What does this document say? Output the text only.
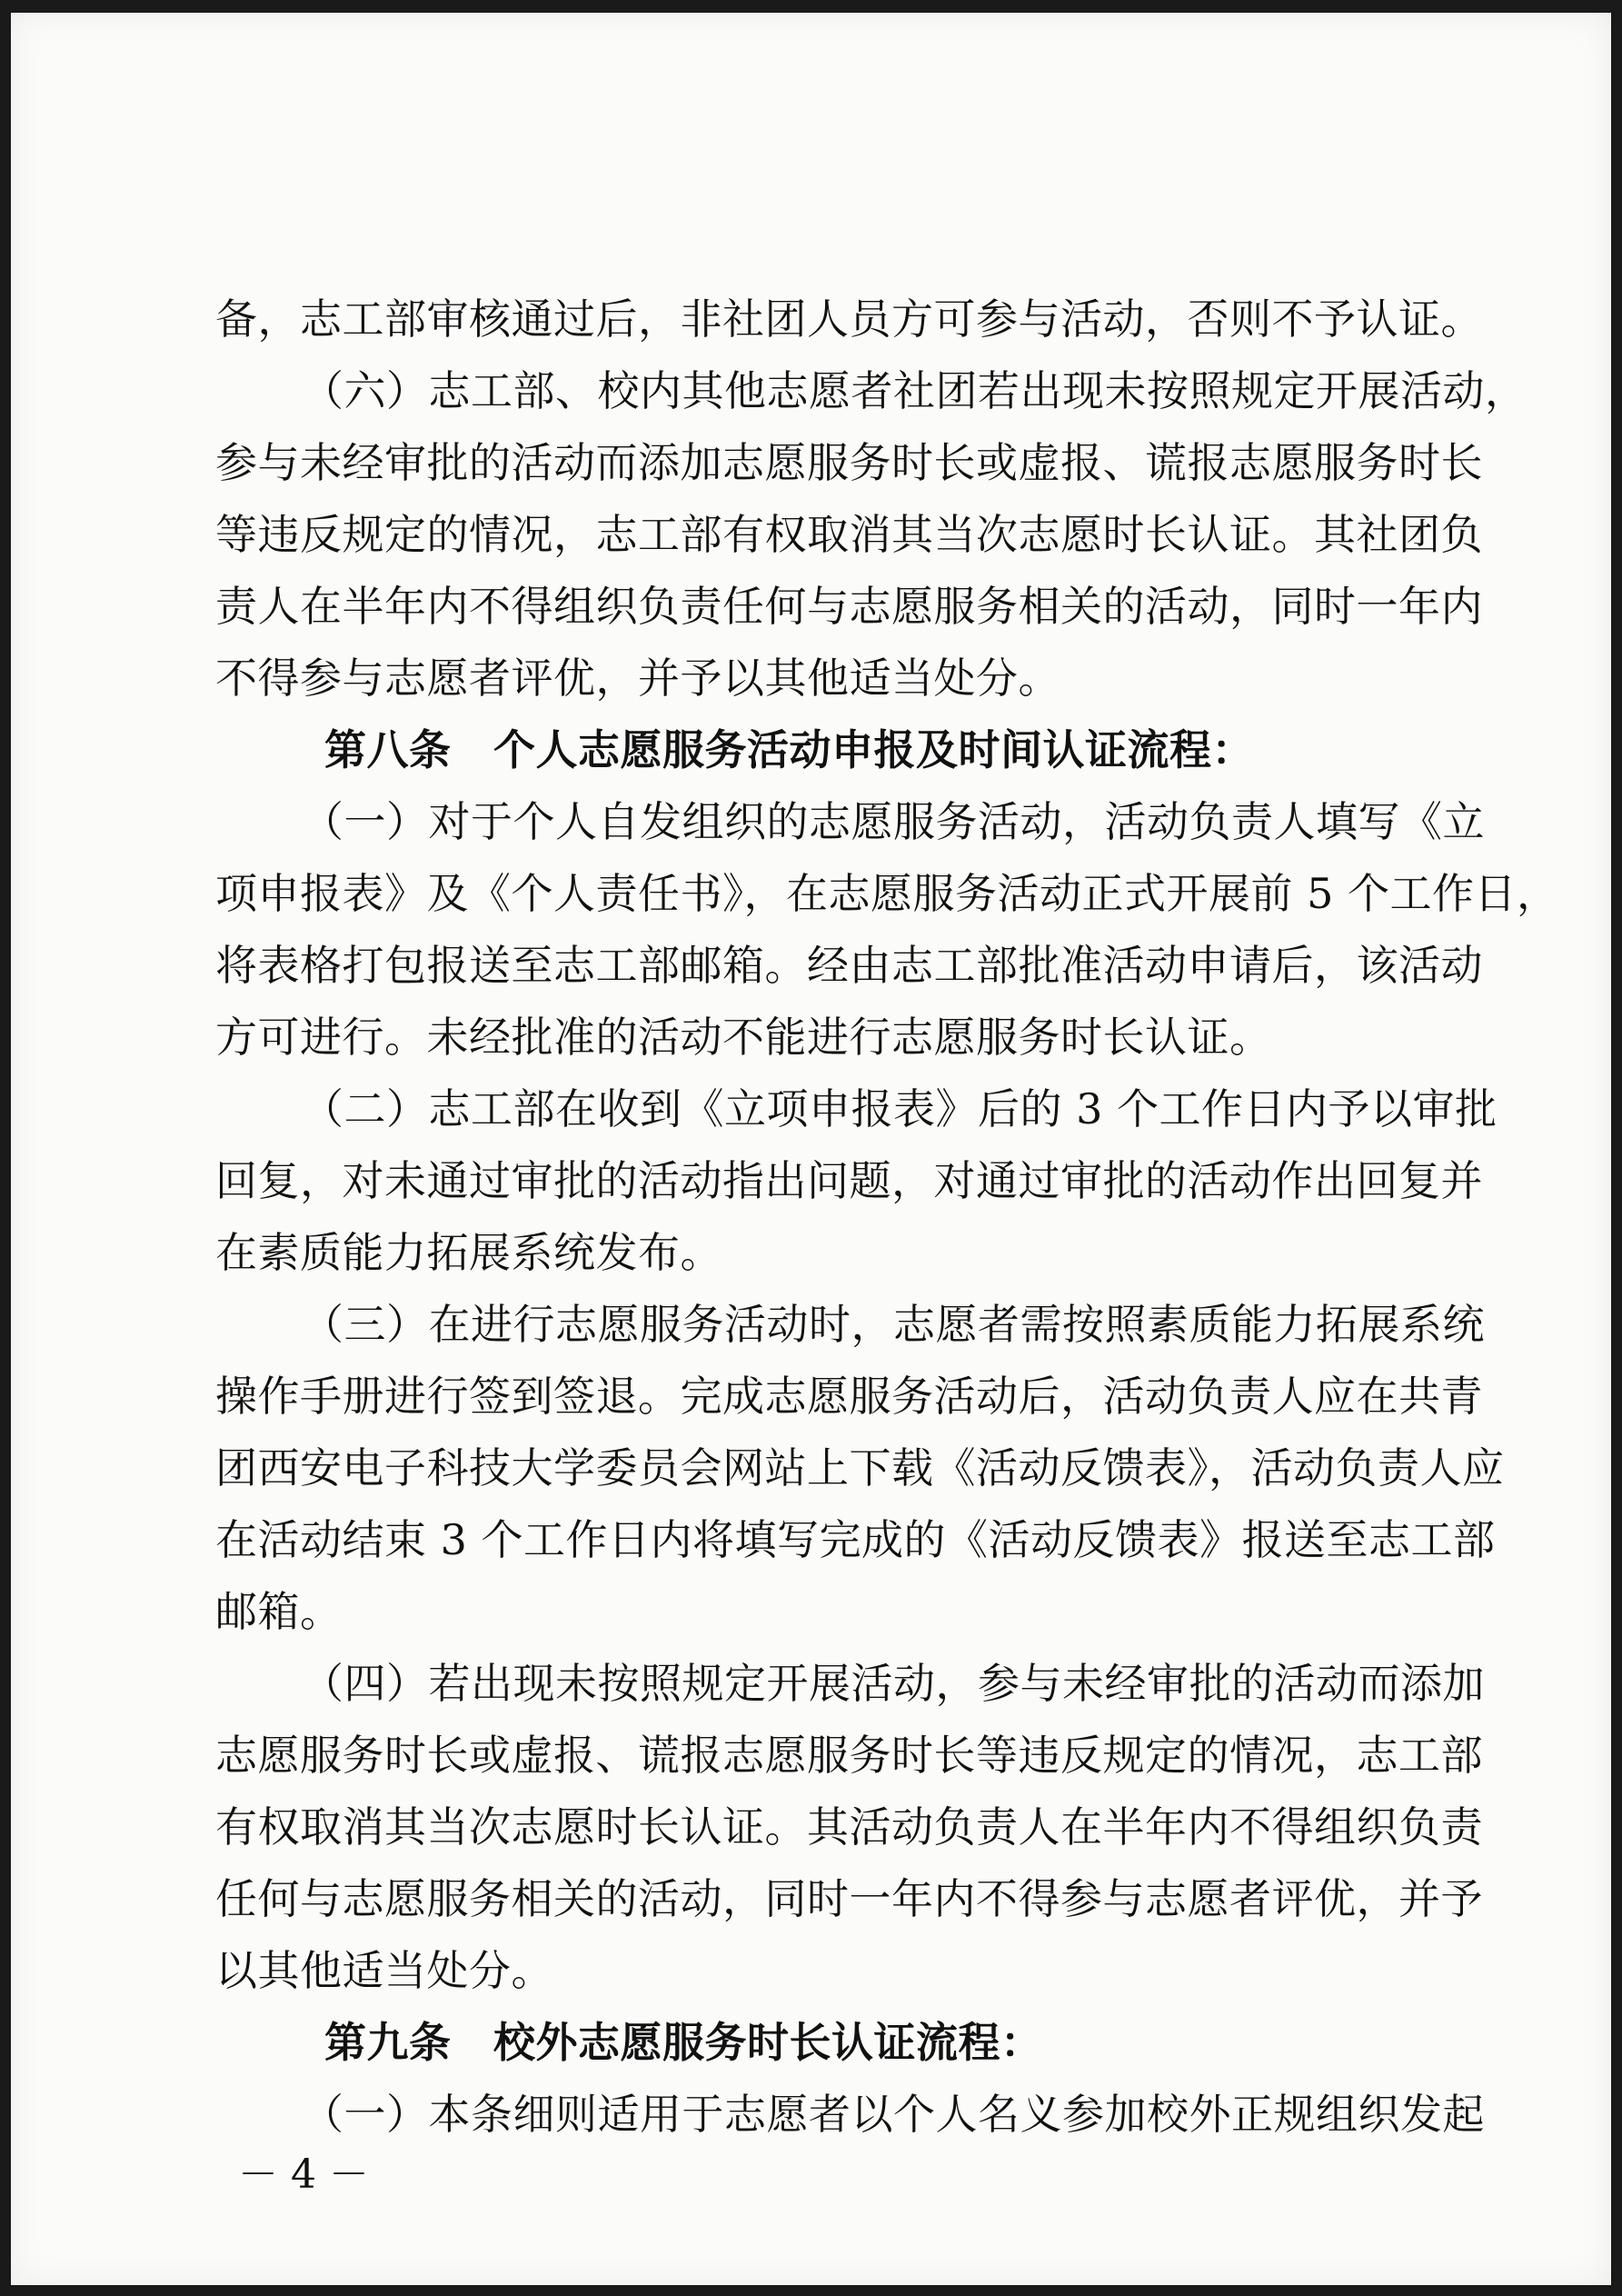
备，志工部审核通过后，非社团人员方可参与活动，否则不予认证。
（六）志工部、校内其他志愿者社团若出现未按照规定开展活动，
参与未经审批的活动而添加志愿服务时长或虚报、谎报志愿服务时长
等违反规定的情况，志工部有权取消其当次志愿时长认证。其社团负
责人在半年内不得组织负责任何与志愿服务相关的活动，同时一年内
不得参与志愿者评优，并予以其他适当处分。
第八条　个人志愿服务活动申报及时间认证流程：
（一）对于个人自发组织的志愿服务活动，活动负责人填写《立
项申报表》及《个人责任书》，在志愿服务活动正式开展前 5 个工作日，
将表格打包报送至志工部邮箱。经由志工部批准活动申请后，该活动
方可进行。未经批准的活动不能进行志愿服务时长认证。
（二）志工部在收到《立项申报表》后的 3 个工作日内予以审批
回复，对未通过审批的活动指出问题，对通过审批的活动作出回复并
在素质能力拓展系统发布。
（三）在进行志愿服务活动时，志愿者需按照素质能力拓展系统
操作手册进行签到签退。完成志愿服务活动后，活动负责人应在共青
团西安电子科技大学委员会网站上下载《活动反馈表》，活动负责人应
在活动结束 3 个工作日内将填写完成的《活动反馈表》报送至志工部
邮箱。
（四）若出现未按照规定开展活动，参与未经审批的活动而添加
志愿服务时长或虚报、谎报志愿服务时长等违反规定的情况，志工部
有权取消其当次志愿时长认证。其活动负责人在半年内不得组织负责
任何与志愿服务相关的活动，同时一年内不得参与志愿者评优，并予
以其他适当处分。
第九条　校外志愿服务时长认证流程：
（一）本条细则适用于志愿者以个人名义参加校外正规组织发起
－ 4 －
